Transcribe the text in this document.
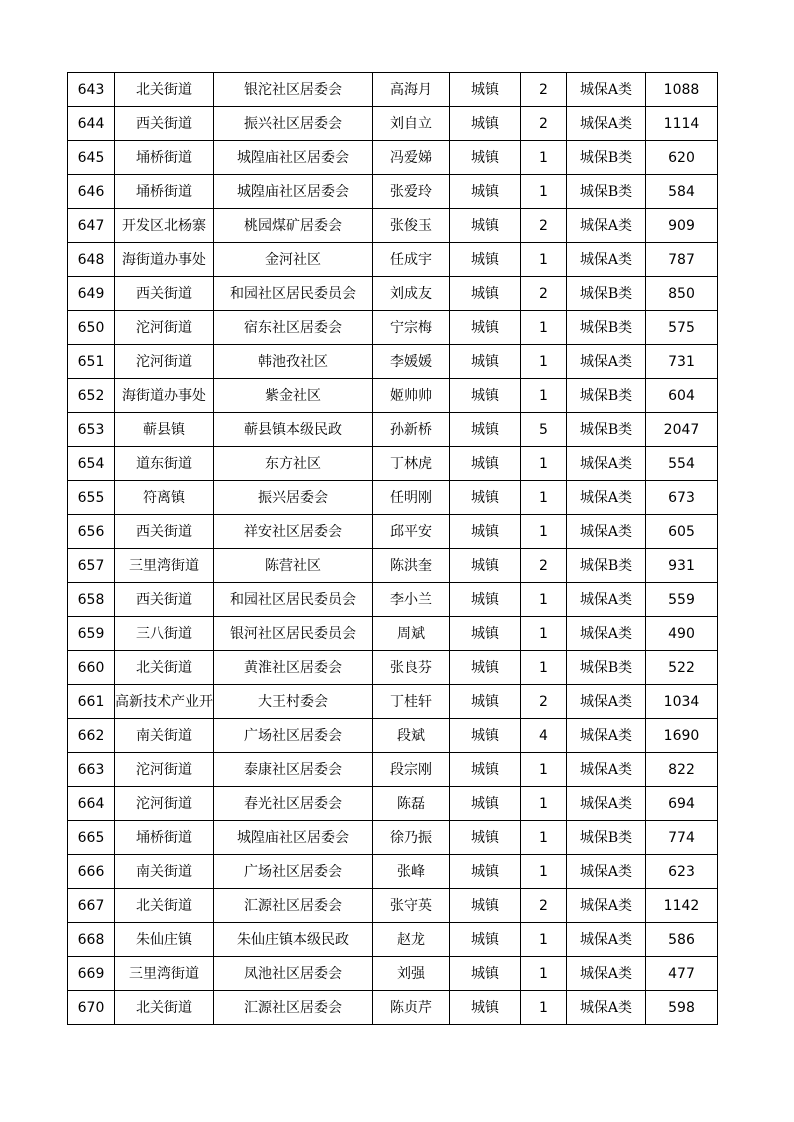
643	北关街道	银沱社区居委会	高海月	城镇	2	城保A类	1088
644	西关街道	振兴社区居委会	刘自立	城镇	2	城保A类	1114
645	埇桥街道	城隍庙社区居委会	冯爱娣	城镇	1	城保B类	620
646	埇桥街道	城隍庙社区居委会	张爱玲	城镇	1	城保B类	584
647	开发区北杨寨	桃园煤矿居委会	张俊玉	城镇	2	城保A类	909
648	海街道办事处	金河社区	任成宇	城镇	1	城保A类	787
649	西关街道	和园社区居民委员会	刘成友	城镇	2	城保B类	850
650	沱河街道	宿东社区居委会	宁宗梅	城镇	1	城保B类	575
651	沱河街道	韩池孜社区	李媛媛	城镇	1	城保A类	731
652	海街道办事处	紫金社区	姬帅帅	城镇	1	城保B类	604
653	蕲县镇	蕲县镇本级民政	孙新桥	城镇	5	城保B类	2047
654	道东街道	东方社区	丁林虎	城镇	1	城保A类	554
655	符离镇	振兴居委会	任明刚	城镇	1	城保A类	673
656	西关街道	祥安社区居委会	邱平安	城镇	1	城保A类	605
657	三里湾街道	陈营社区	陈洪奎	城镇	2	城保B类	931
658	西关街道	和园社区居民委员会	李小兰	城镇	1	城保A类	559
659	三八街道	银河社区居民委员会	周斌	城镇	1	城保A类	490
660	北关街道	黄淮社区居委会	张良芬	城镇	1	城保B类	522
661	高新技术产业开	大王村委会	丁桂轩	城镇	2	城保A类	1034
662	南关街道	广场社区居委会	段斌	城镇	4	城保A类	1690
663	沱河街道	泰康社区居委会	段宗刚	城镇	1	城保A类	822
664	沱河街道	春光社区居委会	陈磊	城镇	1	城保A类	694
665	埇桥街道	城隍庙社区居委会	徐乃振	城镇	1	城保B类	774
666	南关街道	广场社区居委会	张峰	城镇	1	城保A类	623
667	北关街道	汇源社区居委会	张守英	城镇	2	城保A类	1142
668	朱仙庄镇	朱仙庄镇本级民政	赵龙	城镇	1	城保A类	586
669	三里湾街道	凤池社区居委会	刘强	城镇	1	城保A类	477
670	北关街道	汇源社区居委会	陈贞芹	城镇	1	城保A类	598
